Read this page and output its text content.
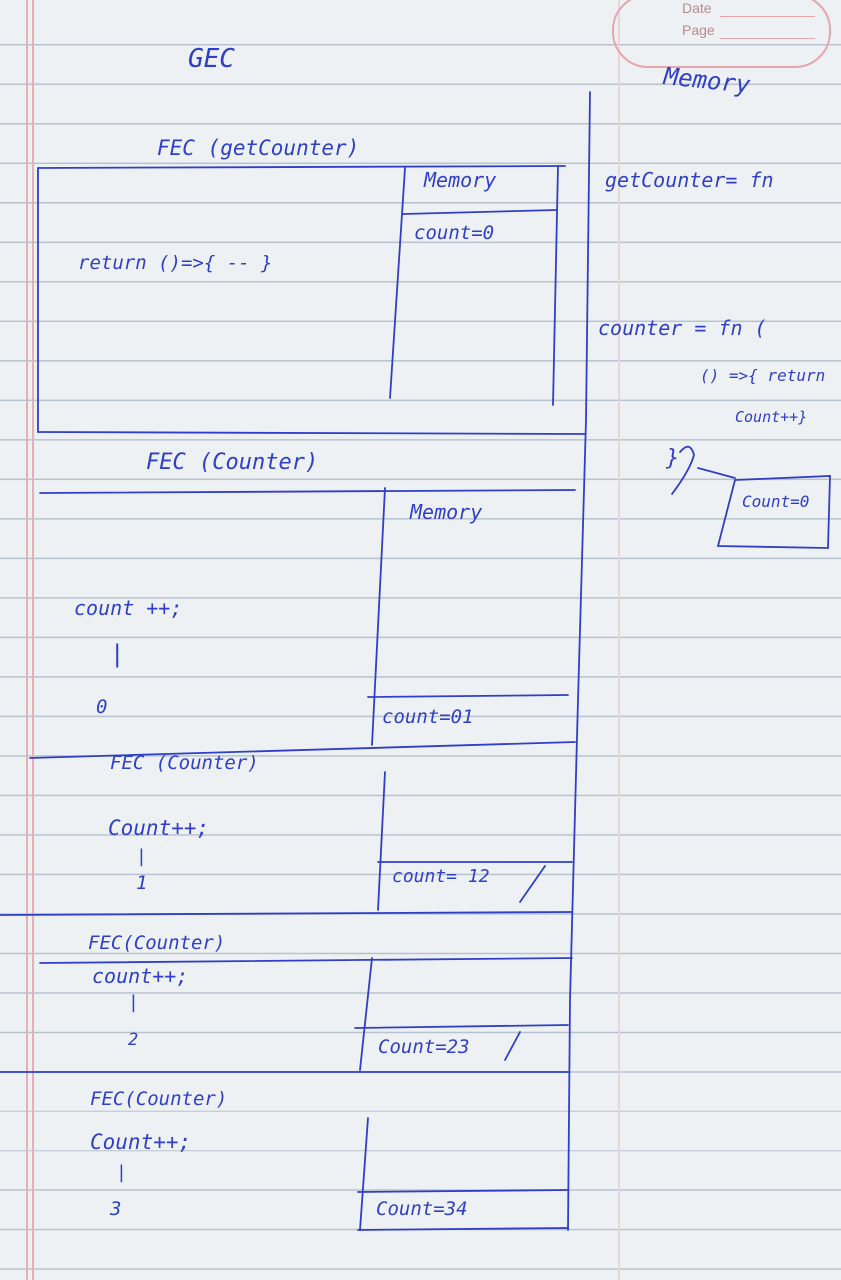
Date
Page
GEC
Memory
getCounter= fn
counter = fn (
() =>{ return
Count++}
}
Count=0
FEC (getCounter)
return ()=>{ -- }
Memory
count=0
FEC (Counter)
Memory
count ++;
|
0	count=01
FEC (Counter)
Count++;
|
1	count= 12
FEC(Counter)
count++;
|
2	Count=23
FEC(Counter)
Count++;
|
3	Count=34
